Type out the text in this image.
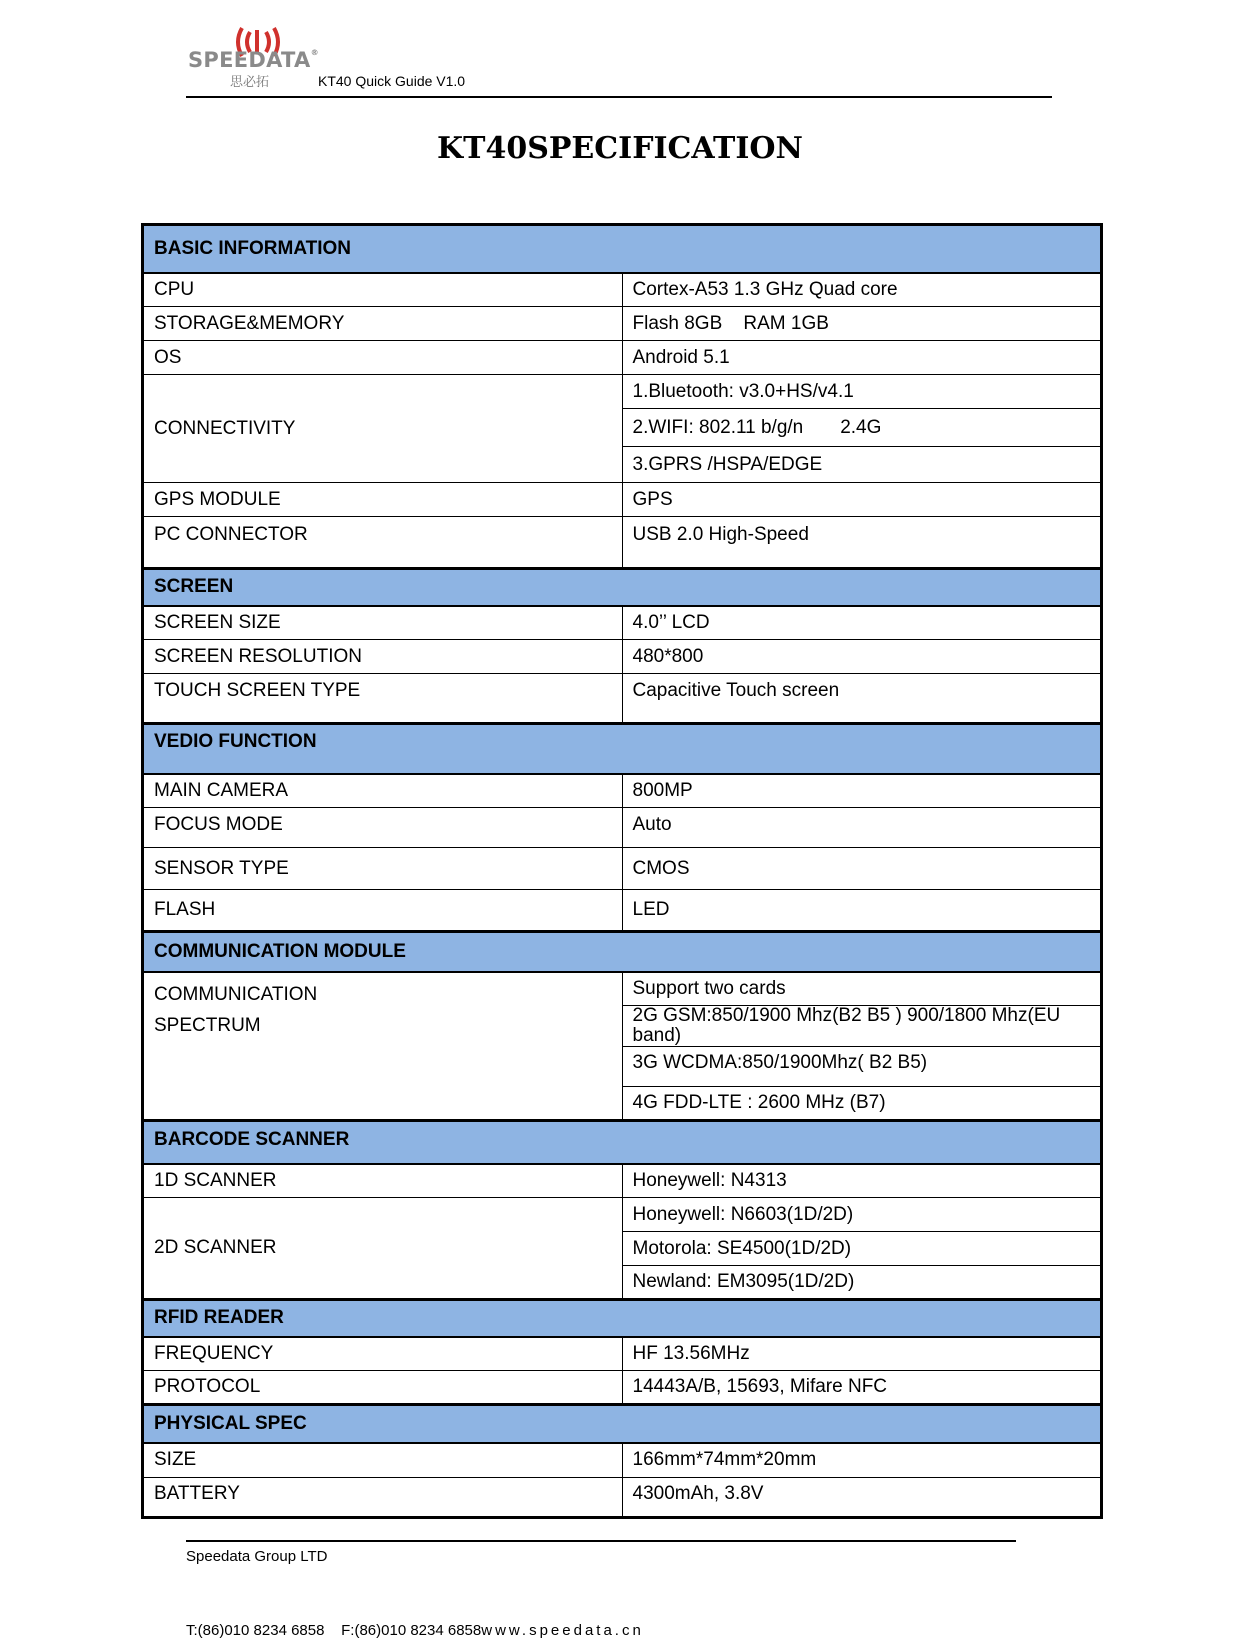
SPEEDATA®
思必拓	KT40 Quick Guide V1.0
KT40SPECIFICATION
BASIC INFORMATION	
CPU	Cortex-A53 1.3 GHz Quad core
STORAGE&MEMORY	Flash 8GB    RAM 1GB
OS	Android 5.1
CONNECTIVITY	1.Bluetooth: v3.0+HS/v4.1
	2.WIFI: 802.11 b/g/n       2.4G
	3.GPRS /HSPA/EDGE
GPS MODULE	GPS
PC CONNECTOR	USB 2.0 High-Speed
SCREEN	
SCREEN SIZE	4.0’’ LCD
SCREEN RESOLUTION	480*800
TOUCH SCREEN TYPE	Capacitive Touch screen
VEDIO FUNCTION	
MAIN CAMERA	800MP
FOCUS MODE	Auto
SENSOR TYPE	CMOS
FLASH	LED
COMMUNICATION MODULE	

COMMUNICATION
SPECTRUM	Support two cards
	2G GSM:850/1900 Mhz(B2 B5 ) 900/1800 Mhz(EU band)
	3G WCDMA:850/1900Mhz( B2 B5)
	4G FDD-LTE : 2600 MHz (B7)
BARCODE SCANNER	
1D SCANNER	Honeywell: N4313
2D SCANNER	Honeywell: N6603(1D/2D)
	Motorola: SE4500(1D/2D)
	Newland: EM3095(1D/2D)
RFID READER	
FREQUENCY	HF 13.56MHz
PROTOCOL	14443A/B, 15693, Mifare NFC
PHYSICAL SPEC	
SIZE	166mm*74mm*20mm
BATTERY	4300mAh, 3.8V
Speedata Group LTD
T:(86)010 8234 6858 F:(86)010 8234 6858www.speedata.cn
